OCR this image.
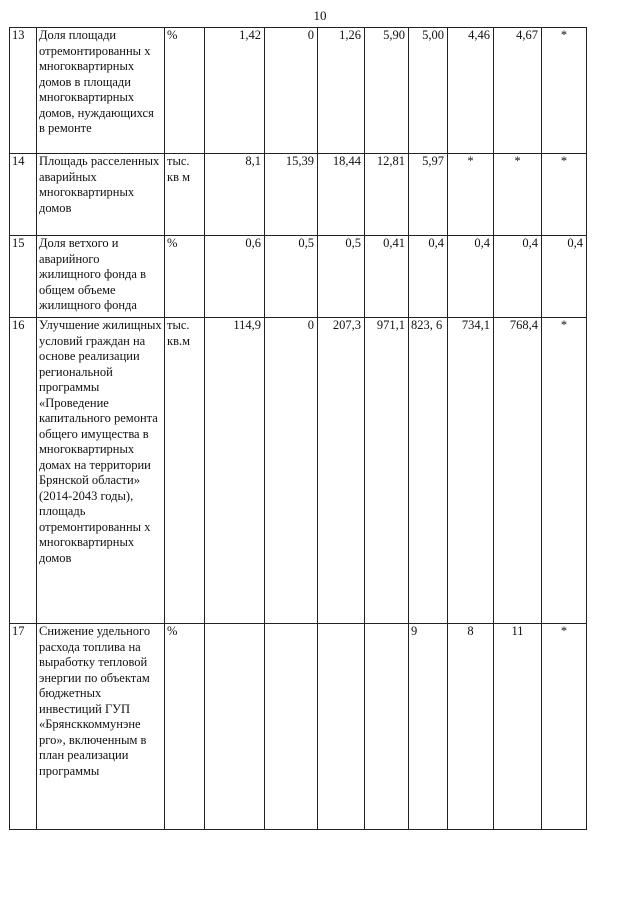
10
13	Доля площади отремонтированны х многоквартирных домов в площади многоквартирных домов, нуждающихся в ремонте	%	1,42	0	1,26	5,90	5,00	4,46	4,67	*
14	Площадь расселенных аварийных многоквартирных домов	тыс. кв м	8,1	15,39	18,44	12,81	5,97	*	*	*
15	Доля ветхого и аварийного жилищного фонда в общем объеме жилищного фонда	%	0,6	0,5	0,5	0,41	0,4	0,4	0,4	0,4
16	Улучшение жилищных условий граждан на основе реализации региональной программы «Проведение капитального ремонта общего имущества в многоквартирных домах на территории Брянской области» (2014-2043 годы), площадь отремонтированны х многоквартирных домов	тыс. кв.м	114,9	0	207,3	971,1	823, 6	734,1	768,4	*
17	Снижение удельного расхода топлива на выработку тепловой энергии по объектам бюджетных инвестиций ГУП «Брянсккоммунэне рго», включенным в план реализации программы	%					9	8	11	*
